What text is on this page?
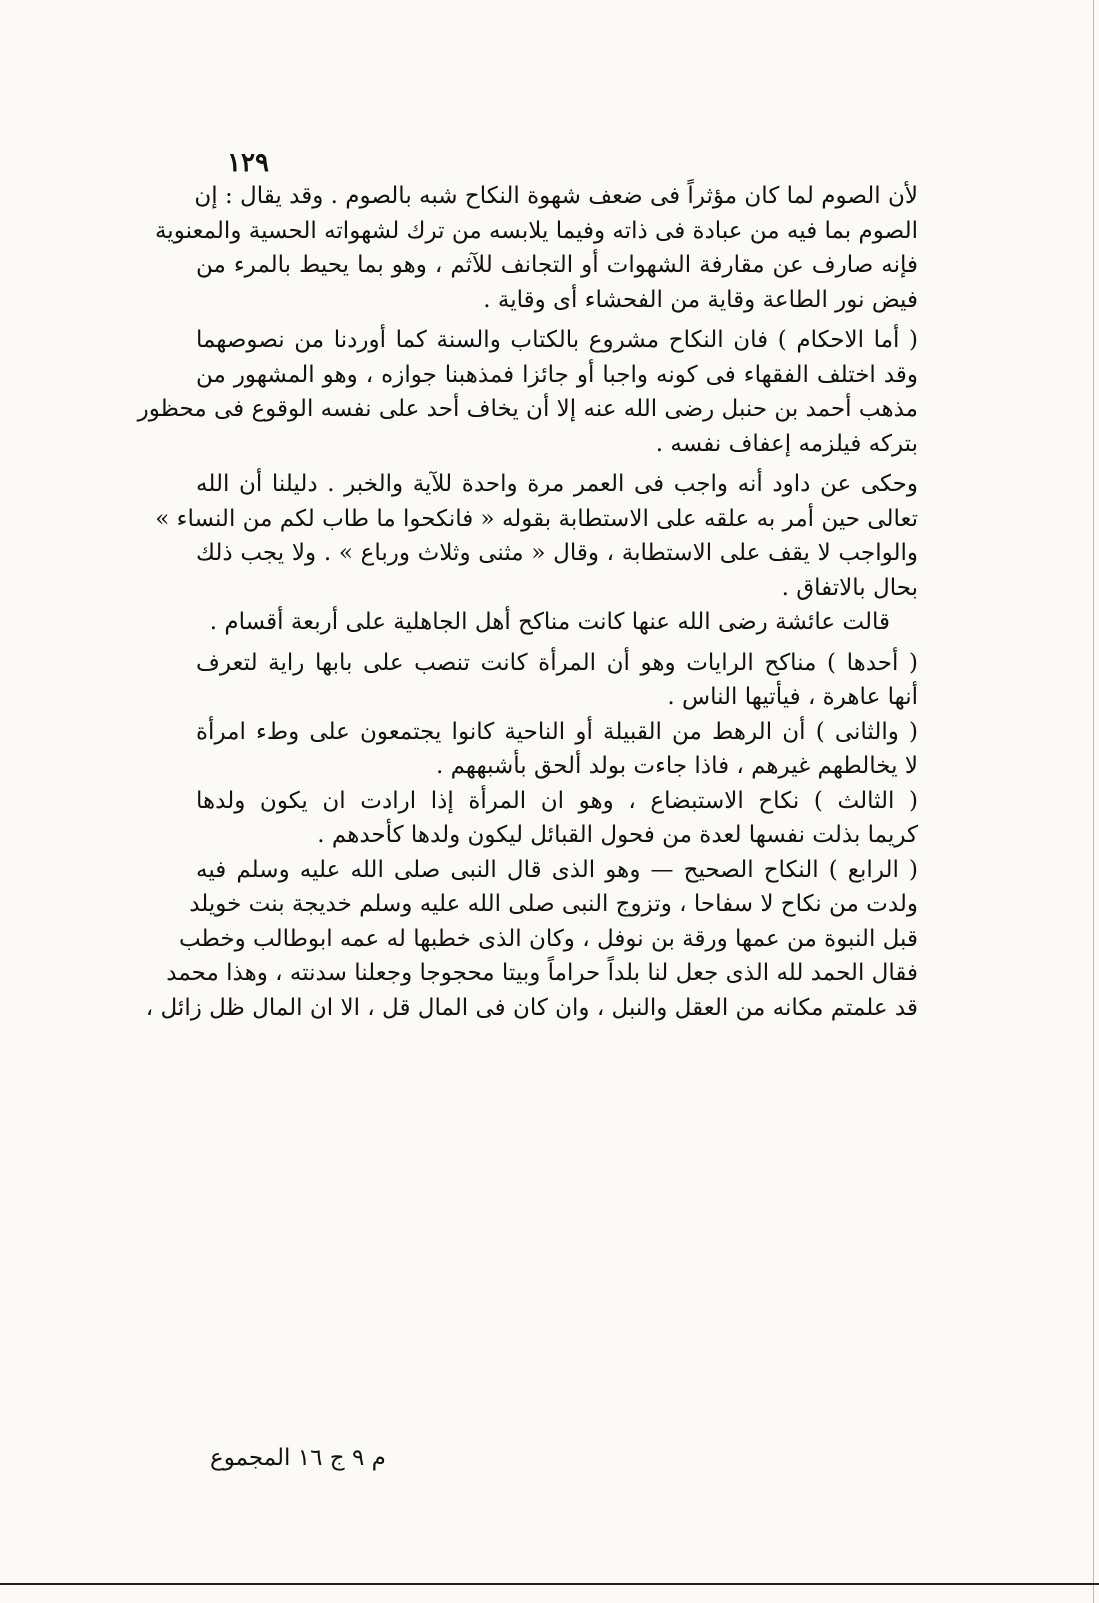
١٢٩
لأن الصوم لما كان مؤثراً فى ضعف شهوة النكاح شبه بالصوم . وقد يقال : إن
الصوم بما فيه من عبادة فى ذاته وفيما يلابسه من ترك لشهواته الحسية والمعنوية
فإنه صارف عن مقارفة الشهوات أو التجانف للآثم ، وهو بما يحيط بالمرء من
فيض نور الطاعة وقاية من الفحشاء أى وقاية .
( أما الاحكام ) فان النكاح مشروع بالكتاب والسنة كما أوردنا من نصوصهما
وقد اختلف الفقهاء فى كونه واجبا أو جائزا فمذهبنا جوازه ، وهو المشهور من
مذهب أحمد بن حنبل رضى الله عنه إلا أن يخاف أحد على نفسه الوقوع فى محظور
بتركه فيلزمه إعفاف نفسه .
وحكى عن داود أنه واجب فى العمر مرة واحدة للآية والخبر . دليلنا أن الله
تعالى حين أمر به علقه على الاستطابة بقوله « فانكحوا ما طاب لكم من النساء »
والواجب لا يقف على الاستطابة ، وقال « مثنى وثلاث ورباع » . ولا يجب ذلك
بحال بالاتفاق .
قالت عائشة رضى الله عنها كانت مناكح أهل الجاهلية على أربعة أقسام .
( أحدها ) مناكح الرايات وهو أن المرأة كانت تنصب على بابها راية لتعرف
أنها عاهرة ، فيأتيها الناس .
( والثانى ) أن الرهط من القبيلة أو الناحية كانوا يجتمعون على وطء امرأة
لا يخالطهم غيرهم ، فاذا جاءت بولد ألحق بأشبههم .
( الثالث ) نكاح الاستبضاع ، وهو ان المرأة إذا ارادت ان يكون ولدها
كريما بذلت نفسها لعدة من فحول القبائل ليكون ولدها كأحدهم .
( الرابع ) النكاح الصحيح — وهو الذى قال النبى صلى الله عليه وسلم فيه
ولدت من نكاح لا سفاحا ، وتزوج النبى صلى الله عليه وسلم خديجة بنت خويلد
قبل النبوة من عمها ورقة بن نوفل ، وكان الذى خطبها له عمه ابوطالب وخطب
فقال الحمد لله الذى جعل لنا بلداً حراماً وبيتا محجوجا وجعلنا سدنته ، وهذا محمد
قد علمتم مكانه من العقل والنبل ، وان كان فى المال قل ، الا ان المال ظل زائل ،
م ٩ ج ١٦ المجموع
